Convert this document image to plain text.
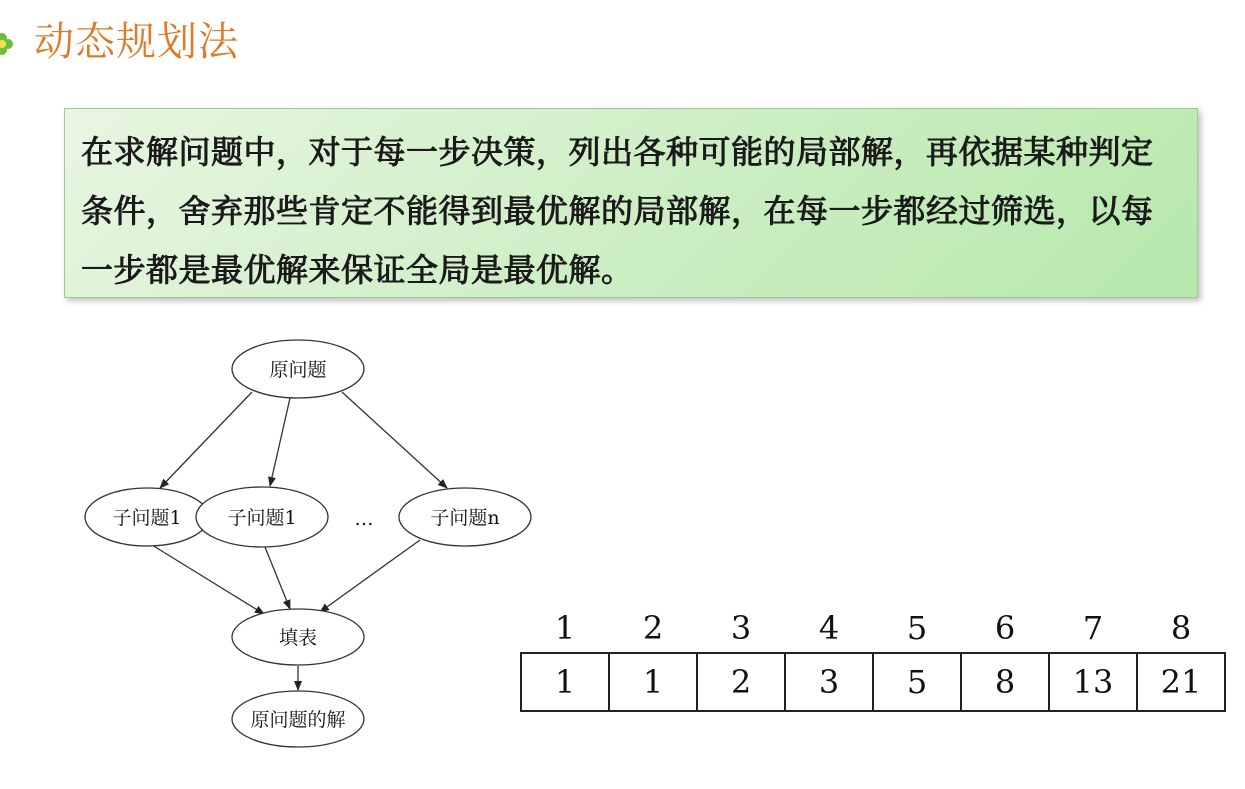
动态规划法

在求解问题中，对于每一步决策，列出各种可能的局部解，再依据某种判定条件，舍弃那些肯定不能得到最优解的局部解，在每一步都经过筛选，以每一步都是最优解来保证全局是最优解。

原问题
子问题1 子问题1	…	子问题n
填表
原问题的解
1	2	3	4	5	6	7	8
1	1	2	3	5	8	13	21
